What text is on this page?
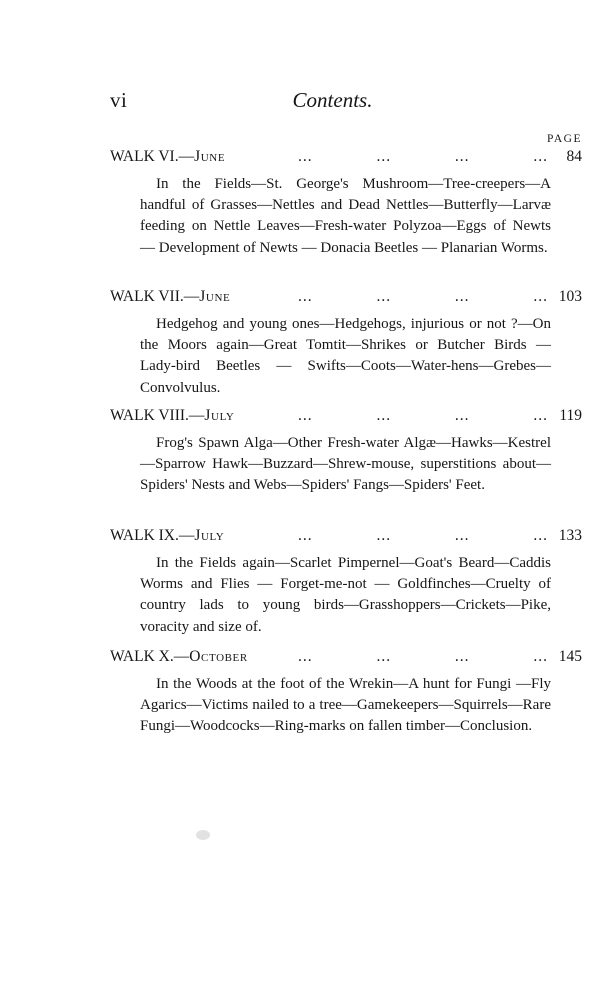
vi	Contents.
PAGE
WALK VI.—June	...	...	...	... 84

In the Fields—St. George's Mushroom—Tree-creepers—A handful of Grasses—Nettles and Dead Nettles—Butterfly—Larvæ feeding on Nettle Leaves—Fresh-water Polyzoa—Eggs of Newts — Development of Newts — Donacia Beetles — Planarian Worms.

WALK VII.—June	...	...	...	... 103

Hedgehog and young ones—Hedgehogs, injurious or not ?—On the Moors again—Great Tomtit—Shrikes or Butcher Birds — Lady-bird Beetles — Swifts—Coots—Water-hens—Grebes—Convolvulus.

WALK VIII.—July	...	...	...	... 119

Frog's Spawn Alga—Other Fresh-water Algæ—Hawks—Kestrel—Sparrow Hawk—Buzzard—Shrew-mouse, superstitions about—Spiders' Nests and Webs—Spiders' Fangs—Spiders' Feet.

WALK IX.—July	...	...	...	... 133

In the Fields again—Scarlet Pimpernel—Goat's Beard—Caddis Worms and Flies — Forget-me-not — Goldfinches—Cruelty of country lads to young birds—Grasshoppers—Crickets—Pike, voracity and size of.

WALK X.—October	...	...	...	... 145

In the Woods at the foot of the Wrekin—A hunt for Fungi —Fly Agarics—Victims nailed to a tree—Gamekeepers—Squirrels—Rare Fungi—Woodcocks—Ring-marks on fallen timber—Conclusion.
